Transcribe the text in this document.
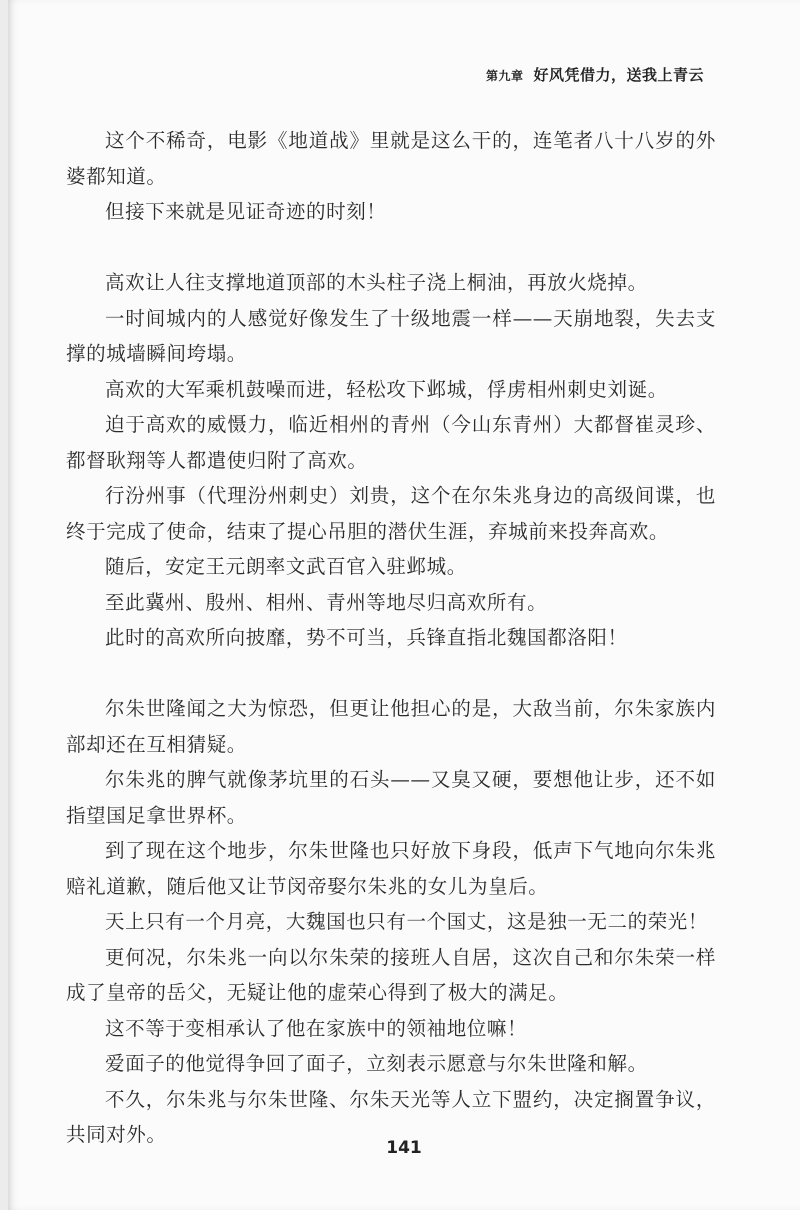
第九章 好风凭借力，送我上青云

这个不稀奇，电影《地道战》里就是这么干的，连笔者八十八岁的外婆都知道。

但接下来就是见证奇迹的时刻！

高欢让人往支撑地道顶部的木头柱子浇上桐油，再放火烧掉。

一时间城内的人感觉好像发生了十级地震一样——天崩地裂，失去支撑的城墙瞬间垮塌。

高欢的大军乘机鼓噪而进，轻松攻下邺城，俘虏相州刺史刘诞。

迫于高欢的威慑力，临近相州的青州（今山东青州）大都督崔灵珍、都督耿翔等人都遣使归附了高欢。

行汾州事（代理汾州刺史）刘贵，这个在尔朱兆身边的高级间谍，也终于完成了使命，结束了提心吊胆的潜伏生涯，弃城前来投奔高欢。

随后，安定王元朗率文武百官入驻邺城。

至此冀州、殷州、相州、青州等地尽归高欢所有。

此时的高欢所向披靡，势不可当，兵锋直指北魏国都洛阳！

尔朱世隆闻之大为惊恐，但更让他担心的是，大敌当前，尔朱家族内部却还在互相猜疑。

尔朱兆的脾气就像茅坑里的石头——又臭又硬，要想他让步，还不如指望国足拿世界杯。

到了现在这个地步，尔朱世隆也只好放下身段，低声下气地向尔朱兆赔礼道歉，随后他又让节闵帝娶尔朱兆的女儿为皇后。

天上只有一个月亮，大魏国也只有一个国丈，这是独一无二的荣光！

更何况，尔朱兆一向以尔朱荣的接班人自居，这次自己和尔朱荣一样成了皇帝的岳父，无疑让他的虚荣心得到了极大的满足。

这不等于变相承认了他在家族中的领袖地位嘛！

爱面子的他觉得争回了面子，立刻表示愿意与尔朱世隆和解。

不久，尔朱兆与尔朱世隆、尔朱天光等人立下盟约，决定搁置争议，共同对外。

141
